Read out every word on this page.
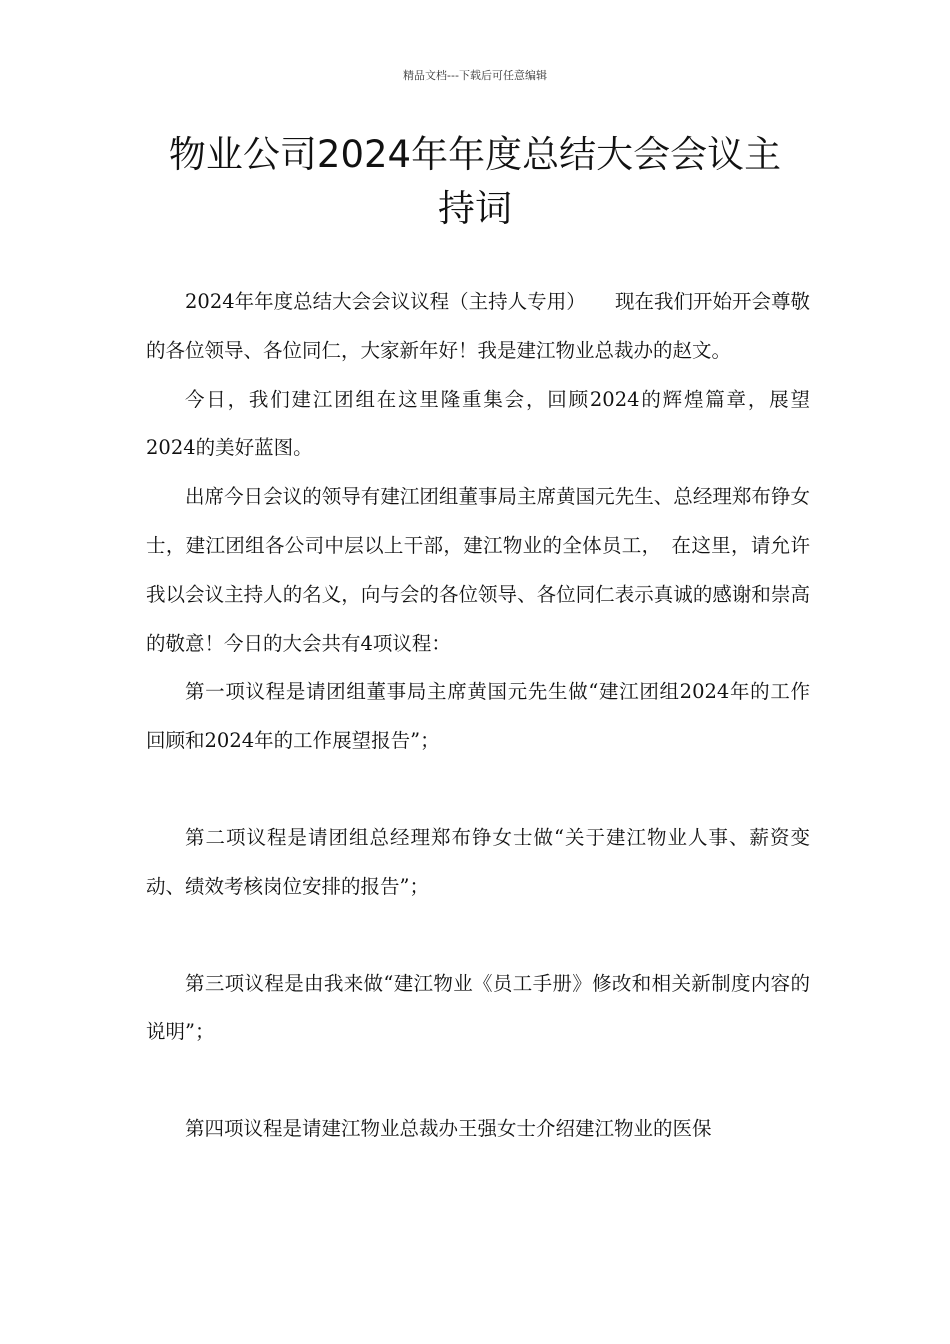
精品文档---下载后可任意编辑
物业公司2024年年度总结大会会议主
持词

2024年年度总结大会会议议程（主持人专用）　　现在我们开始开会尊敬的各位领导、各位同仁，大家新年好！我是建江物业总裁办的赵文。

今日，我们建江团组在这里隆重集会，回顾2024的辉煌篇章，展望2024的美好蓝图。

出席今日会议的领导有建江团组董事局主席黄国元先生、总经理郑布铮女士，建江团组各公司中层以上干部，建江物业的全体员工，　在这里，请允许我以会议主持人的名义，向与会的各位领导、各位同仁表示真诚的感谢和崇高的敬意！今日的大会共有4项议程：

第一项议程是请团组董事局主席黄国元先生做“建江团组2024年的工作回顾和2024年的工作展望报告”；

第二项议程是请团组总经理郑布铮女士做“关于建江物业人事、薪资变动、绩效考核岗位安排的报告”；

第三项议程是由我来做“建江物业《员工手册》修改和相关新制度内容的说明”；

第四项议程是请建江物业总裁办王强女士介绍建江物业的医保
